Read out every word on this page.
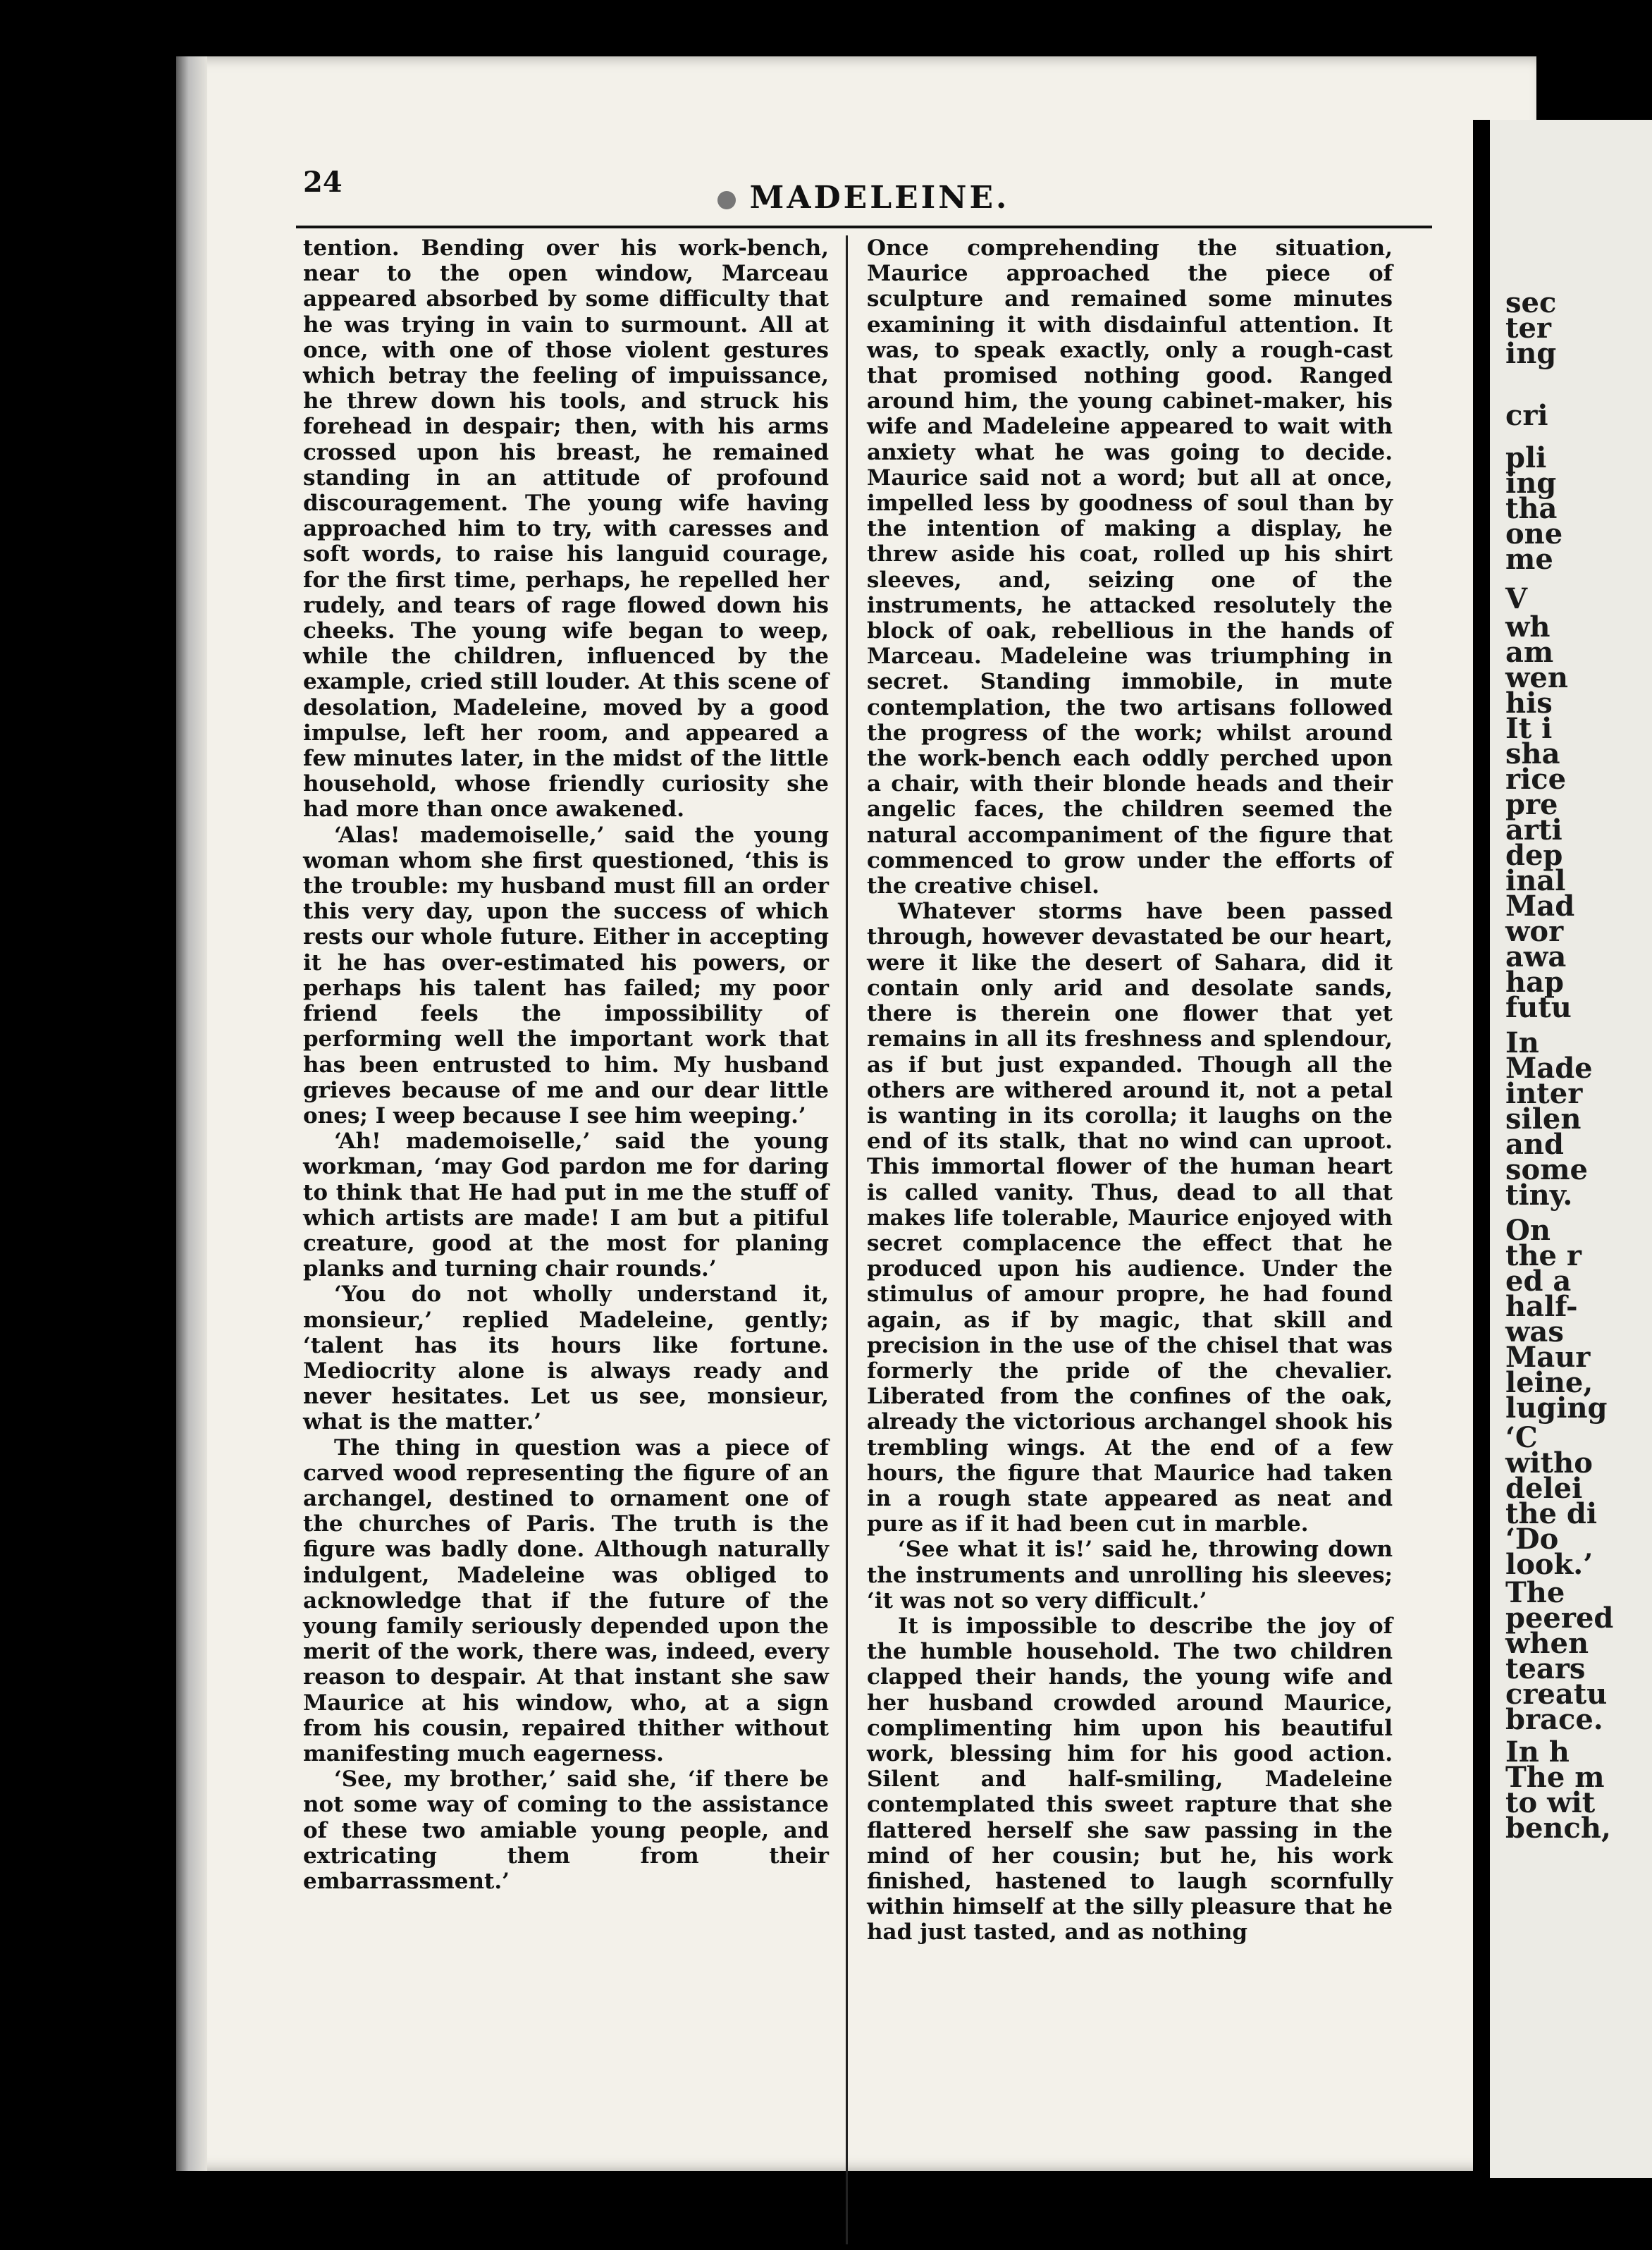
24	MADELEINE.

tention. Bending over his work-bench, near to the open window, Marceau appeared absorbed by some difficulty that he was trying in vain to surmount. All at once, with one of those violent gestures which betray the feeling of impuissance, he threw down his tools, and struck his forehead in despair; then, with his arms crossed upon his breast, he remained standing in an attitude of profound discouragement. The young wife having approached him to try, with caresses and soft words, to raise his languid courage, for the first time, perhaps, he repelled her rudely, and tears of rage flowed down his cheeks. The young wife began to weep, while the children, influenced by the example, cried still louder. At this scene of desolation, Madeleine, moved by a good impulse, left her room, and appeared a few minutes later, in the midst of the little household, whose friendly curiosity she had more than once awakened.

‘Alas! mademoiselle,’ said the young woman whom she first questioned, ‘this is the trouble: my husband must fill an order this very day, upon the success of which rests our whole future. Either in accepting it he has over-estimated his powers, or perhaps his talent has failed; my poor friend feels the impossibility of performing well the important work that has been entrusted to him. My husband grieves because of me and our dear little ones; I weep because I see him weeping.’

‘Ah! mademoiselle,’ said the young workman, ‘may God pardon me for daring to think that He had put in me the stuff of which artists are made! I am but a pitiful creature, good at the most for planing planks and turning chair rounds.’

‘You do not wholly understand it, monsieur,’ replied Madeleine, gently; ‘talent has its hours like fortune. Mediocrity alone is always ready and never hesitates. Let us see, monsieur, what is the matter.’

The thing in question was a piece of carved wood representing the figure of an archangel, destined to ornament one of the churches of Paris. The truth is the figure was badly done. Although naturally indulgent, Madeleine was obliged to acknowledge that if the future of the young family seriously depended upon the merit of the work, there was, indeed, every reason to despair. At that instant she saw Maurice at his window, who, at a sign from his cousin, repaired thither without manifesting much eagerness.

‘See, my brother,’ said she, ‘if there be not some way of coming to the assistance of these two amiable young people, and extricating them from their embarrassment.’

Once comprehending the situation, Maurice approached the piece of sculpture and remained some minutes examining it with disdainful attention. It was, to speak exactly, only a rough-cast that promised nothing good. Ranged around him, the young cabinet-maker, his wife and Madeleine appeared to wait with anxiety what he was going to decide. Maurice said not a word; but all at once, impelled less by goodness of soul than by the intention of making a display, he threw aside his coat, rolled up his shirt sleeves, and, seizing one of the instruments, he attacked resolutely the block of oak, rebellious in the hands of Marceau. Madeleine was triumphing in secret. Standing immobile, in mute contemplation, the two artisans followed the progress of the work; whilst around the work-bench each oddly perched upon a chair, with their blonde heads and their angelic faces, the children seemed the natural accompaniment of the figure that commenced to grow under the efforts of the creative chisel.

Whatever storms have been passed through, however devastated be our heart, were it like the desert of Sahara, did it contain only arid and desolate sands, there is therein one flower that yet remains in all its freshness and splendour, as if but just expanded. Though all the others are withered around it, not a petal is wanting in its corolla; it laughs on the end of its stalk, that no wind can uproot. This immortal flower of the human heart is called vanity. Thus, dead to all that makes life tolerable, Maurice enjoyed with secret complacence the effect that he produced upon his audience. Under the stimulus of amour propre, he had found again, as if by magic, that skill and precision in the use of the chisel that was formerly the pride of the chevalier. Liberated from the confines of the oak, already the victorious archangel shook his trembling wings. At the end of a few hours, the figure that Maurice had taken in a rough state appeared as neat and pure as if it had been cut in marble.

‘See what it is!’ said he, throwing down the instruments and unrolling his sleeves; ‘it was not so very difficult.’

It is impossible to describe the joy of the humble household. The two children clapped their hands, the young wife and her husband crowded around Maurice, complimenting him upon his beautiful work, blessing him for his good action. Silent and half-smiling, Madeleine contemplated this sweet rapture that she flattered herself she saw passing in the mind of her cousin; but he, his work finished, hastened to laugh scornfully within himself at the silly pleasure that he had just tasted, and as nothing

sec
ter
ing
cri
pli
ing
tha
one
me
V
wh
am
wen
his
It i
sha
rice
pre
arti
dep
inal
Mad
wor
awa
hap
futu
In
Made
inter
silen
and
some
tiny.
On
the r
ed a
half-
was
Maur
leine,
luging
‘C
witho
delei
the di
‘Do
look.’
The
peered
when
tears
creatu
brace.
In h
The m
to wit
bench,
